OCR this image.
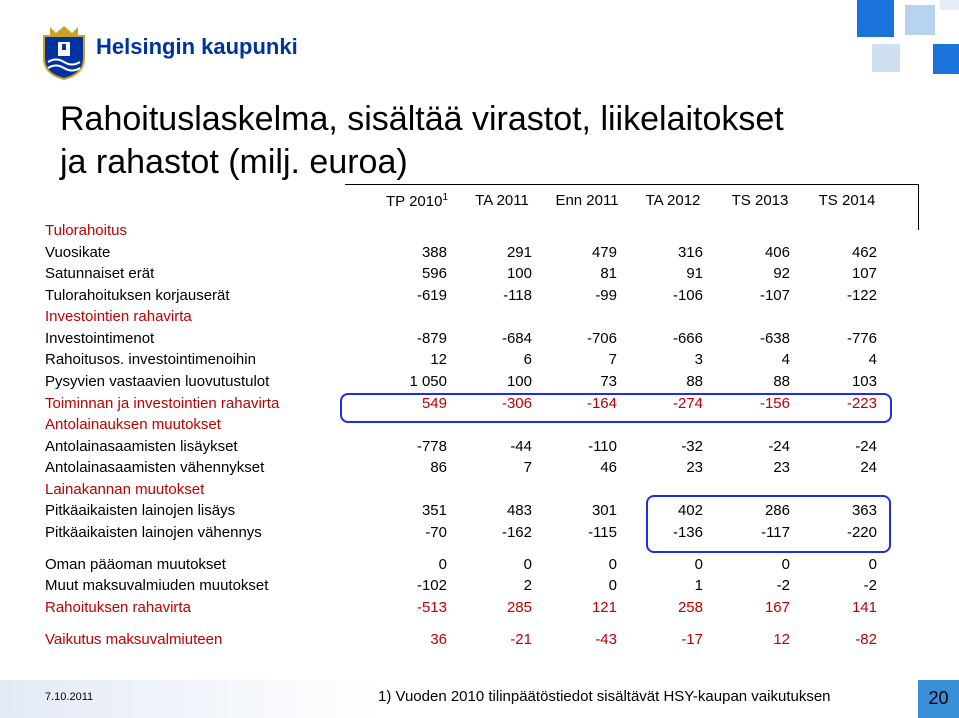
Helsingin kaupunki
Rahoituslaskelma, sisältää virastot, liikelaitokset
ja rahastot (milj. euroa)
TP 2010$^1$	TA 2011	Enn 2011	TA 2012	TS 2013	TS 2014
Tulorahoitus
Vuosikate	388	291	479	316	406	462
Satunnaiset erät	596	100	81	91	92	107
Tulorahoituksen korjauserät	-619	-118	-99	-106	-107	-122
Investointien rahavirta
Investointimenot	-879	-684	-706	-666	-638	-776
Rahoitusos. investointimenoihin	12	6	7	3	4	4
Pysyvien vastaavien luovutustulot	1 050	100	73	88	88	103
Toiminnan ja investointien rahavirta	549	-306	-164	-274	-156	-223
Antolainauksen muutokset
Antolainasaamisten lisäykset	-778	-44	-110	-32	-24	-24
Antolainasaamisten vähennykset	86	7	46	23	23	24
Lainakannan muutokset
Pitkäaikaisten lainojen lisäys	351	483	301	402	286	363
Pitkäaikaisten lainojen vähennys	-70	-162	-115	-136	-117	-220
Oman pääoman muutokset	0	0	0	0	0	0
Muut maksuvalmiuden muutokset	-102	2	0	1	-2	-2
Rahoituksen rahavirta	-513	285	121	258	167	141
Vaikutus maksuvalmiuteen	36	-21	-43	-17	12	-82
7.10.2011	1) Vuoden 2010 tilinpäätöstiedot sisältävät HSY-kaupan vaikutuksen	20
